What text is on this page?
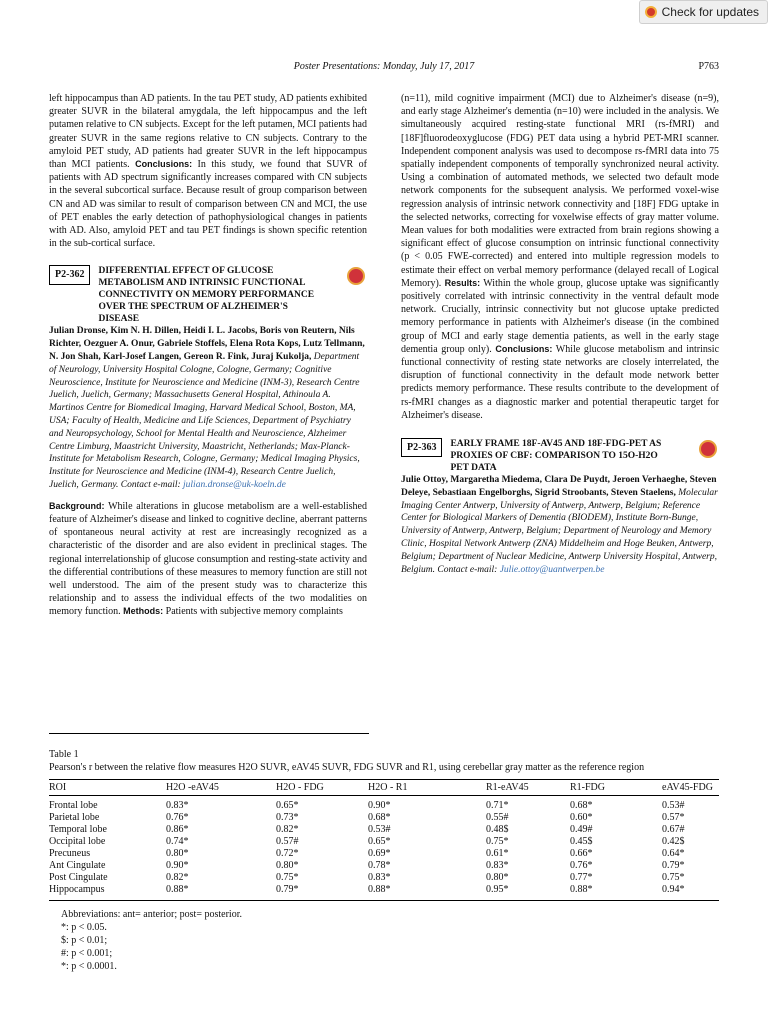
Check for updates
Poster Presentations: Monday, July 17, 2017	P763

left hippocampus than AD patients. In the tau PET study, AD patients exhibited greater SUVR in the bilateral amygdala, the left hippocampus and the left putamen relative to CN subjects. Except for the left putamen, MCI patients had greater SUVR in the same regions relative to CN subjects. Contrary to the amyloid PET study, AD patients had greater SUVR in the left hippocampus than MCI patients. Conclusions: In this study, we found that SUVR of patients with AD spectrum significantly increases compared with CN subjects in the several subcortical surface. Because result of group comparison between CN and AD was similar to result of comparison between CN and MCI, the use of PET enables the early detection of pathophysiological changes in patients with AD. Also, amyloid PET and tau PET findings is shown specific retention in the sub-cortical surface.

P2-362 DIFFERENTIAL EFFECT OF GLUCOSE METABOLISM AND INTRINSIC FUNCTIONAL CONNECTIVITY ON MEMORY PERFORMANCE OVER THE SPECTRUM OF ALZHEIMER'S DISEASE

Julian Dronse, Kim N. H. Dillen, Heidi I. L. Jacobs, Boris von Reutern, Nils Richter, Oezguer A. Onur, Gabriele Stoffels, Elena Rota Kops, Lutz Tellmann, N. Jon Shah, Karl-Josef Langen, Gereon R. Fink, Juraj Kukolja, Department of Neurology, University Hospital Cologne, Cologne, Germany; Cognitive Neuroscience, Institute for Neuroscience and Medicine (INM-3), Research Centre Juelich, Juelich, Germany; Massachusetts General Hospital, Athinoula A. Martinos Centre for Biomedical Imaging, Harvard Medical School, Boston, MA, USA; Faculty of Health, Medicine and Life Sciences, Department of Psychiatry and Neuropsychology, School for Mental Health and Neuroscience, Alzheimer Centre Limburg, Maastricht University, Maastricht, Netherlands; Max-Planck-Institute for Metabolism Research, Cologne, Germany; Medical Imaging Physics, Institute for Neuroscience and Medicine (INM-4), Research Centre Juelich, Juelich, Germany. Contact e-mail: julian.dronse@uk-koeln.de

Background: While alterations in glucose metabolism are a well-established feature of Alzheimer's disease and linked to cognitive decline, aberrant patterns of spontaneous neural activity at rest are increasingly recognized as a characteristic of the disorder and are also evident in preclinical stages. The regional interrelationship of glucose consumption and resting-state activity and the differential contributions of these measures to memory function are still not well understood. The aim of the present study was to characterize this relationship and to assess the individual effects of the two modalities on memory function. Methods: Patients with subjective memory complaints

(n=11), mild cognitive impairment (MCI) due to Alzheimer's disease (n=9), and early stage Alzheimer's dementia (n=10) were included in the analysis. We simultaneously acquired resting-state functional MRI (rs-fMRI) and [18F]fluorodeoxyglucose (FDG) PET data using a hybrid PET-MRI scanner. Independent component analysis was used to decompose rs-fMRI data into 75 spatially independent components of temporally synchronized neural activity. Using a combination of automated methods, we selected two default mode network components for the subsequent analysis. We performed voxel-wise regression analysis of intrinsic network connectivity and [18F] FDG uptake in the selected networks, correcting for voxelwise effects of gray matter volume. Mean values for both modalities were extracted from brain regions showing a significant effect of glucose consumption on intrinsic functional connectivity (p < 0.05 FWE-corrected) and entered into multiple regression models to estimate their effect on verbal memory performance (delayed recall of Logical Memory). Results: Within the whole group, glucose uptake was significantly positively correlated with intrinsic connectivity in the ventral default mode network. Crucially, intrinsic connectivity but not glucose uptake predicted memory performance in patients with Alzheimer's disease (in the combined group of MCI and early stage dementia patients, as well in the early stage dementia group only). Conclusions: While glucose metabolism and intrinsic functional connectivity of resting state networks are closely interrelated, the disruption of functional connectivity in the default mode network better predicts memory performance. These results contribute to the development of rs-fMRI changes as a diagnostic marker and potential therapeutic target for Alzheimer's disease.

P2-363 EARLY FRAME 18F-AV45 AND 18F-FDG-PET AS PROXIES OF CBF: COMPARISON TO 15O-H2O PET DATA

Julie Ottoy, Margaretha Miedema, Clara De Puydt, Jeroen Verhaeghe, Steven Deleye, Sebastiaan Engelborghs, Sigrid Stroobants, Steven Staelens, Molecular Imaging Center Antwerp, University of Antwerp, Antwerp, Belgium; Reference Center for Biological Markers of Dementia (BIODEM), Institute Born-Bunge, University of Antwerp, Antwerp, Belgium; Department of Neurology and Memory Clinic, Hospital Network Antwerp (ZNA) Middelheim and Hoge Beuken, Antwerp, Belgium; Department of Nuclear Medicine, Antwerp University Hospital, Antwerp, Belgium. Contact e-mail: Julie.ottoy@uantwerpen.be

Table 1
Pearson's r between the relative flow measures H2O SUVR, eAV45 SUVR, FDG SUVR and R1, using cerebellar gray matter as the reference region
ROI	H2O -eAV45	H2O - FDG	H2O - R1	R1-eAV45	R1-FDG	eAV45-FDG
Frontal lobe	0.83*	0.65*	0.90*	0.71*	0.68*	0.53#
Parietal lobe	0.76*	0.73*	0.68*	0.55#	0.60*	0.57*
Temporal lobe	0.86*	0.82*	0.53#	0.48$	0.49#	0.67#
Occipital lobe	0.74*	0.57#	0.65*	0.75*	0.45$	0.42$
Precuneus	0.80*	0.72*	0.69*	0.61*	0.66*	0.64*
Ant Cingulate	0.90*	0.80*	0.78*	0.83*	0.76*	0.79*
Post Cingulate	0.82*	0.75*	0.83*	0.80*	0.77*	0.75*
Hippocampus	0.88*	0.79*	0.88*	0.95*	0.88*	0.94*
Abbreviations: ant= anterior; post= posterior.
*: p < 0.05.
$: p < 0.01;
#: p < 0.001;
*: p < 0.0001.
